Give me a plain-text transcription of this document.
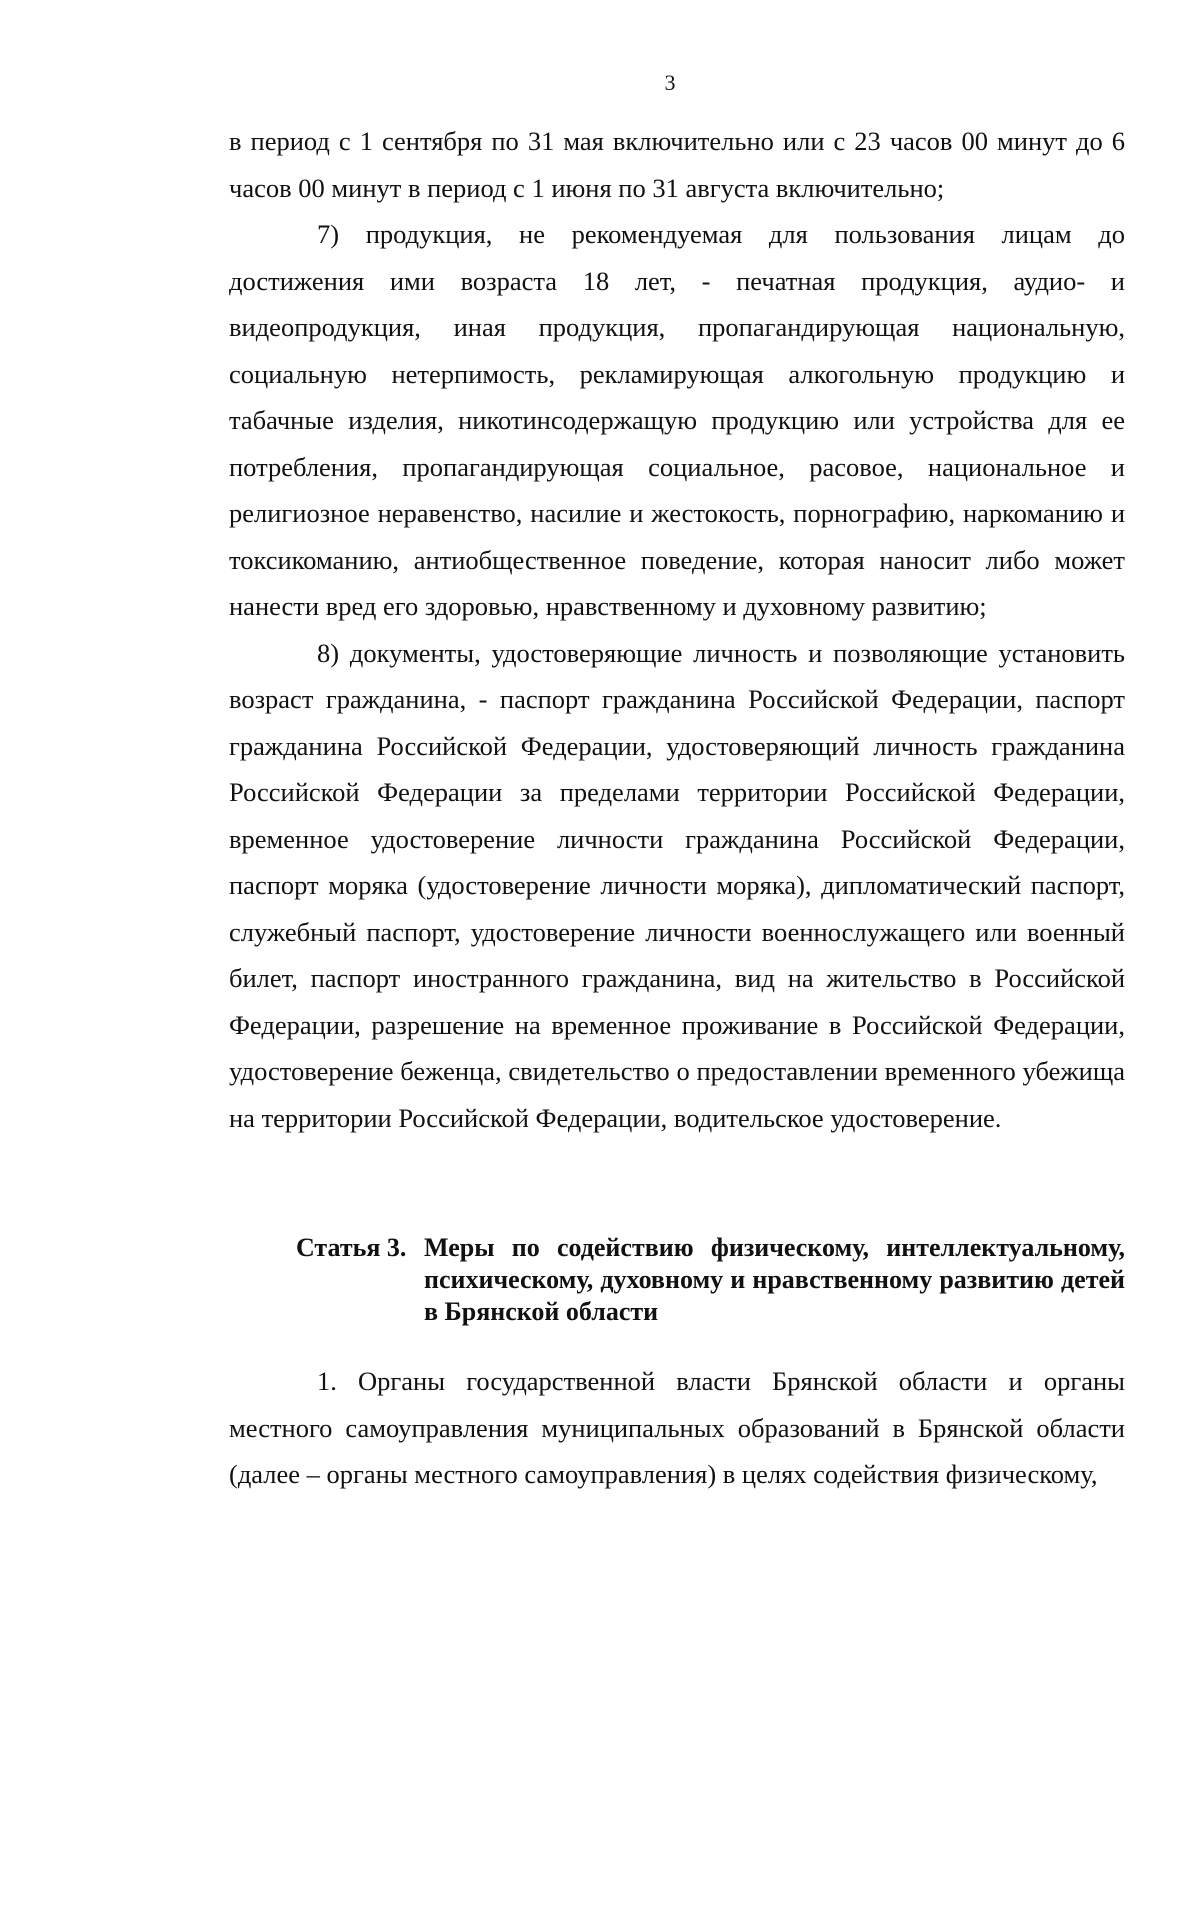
3

в период с 1 сентября по 31 мая включительно или с 23 часов 00 минут до 6 часов 00 минут в период с 1 июня по 31 августа включительно;

7) продукция, не рекомендуемая для пользования лицам до достижения ими возраста 18 лет, - печатная продукция, аудио- и видеопродукция, иная продукция, пропагандирующая национальную, социальную нетерпимость, рекламирующая алкогольную продукцию и табачные изделия, никотинсодержащую продукцию или устройства для ее потребления, пропагандирующая социальное, расовое, национальное и религиозное неравенство, насилие и жестокость, порнографию, наркоманию и токсикоманию, антиобщественное поведение, которая наносит либо может нанести вред его здоровью, нравственному и духовному развитию;

8) документы, удостоверяющие личность и позволяющие установить возраст гражданина, - паспорт гражданина Российской Федерации, паспорт гражданина Российской Федерации, удостоверяющий личность гражданина Российской Федерации за пределами территории Российской Федерации, временное удостоверение личности гражданина Российской Федерации, паспорт моряка (удостоверение личности моряка), дипломатический паспорт, служебный паспорт, удостоверение личности военнослужащего или военный билет, паспорт иностранного гражданина, вид на жительство в Российской Федерации, разрешение на временное проживание в Российской Федерации, удостоверение беженца, свидетельство о предоставлении временного убежища на территории Российской Федерации, водительское удостоверение.

Статья 3. Меры по содействию физическому, интеллектуальному, психическому, духовному и нравственному развитию детей в Брянской области

1. Органы государственной власти Брянской области и органы местного самоуправления муниципальных образований в Брянской области (далее – органы местного самоуправления) в целях содействия физическому,
